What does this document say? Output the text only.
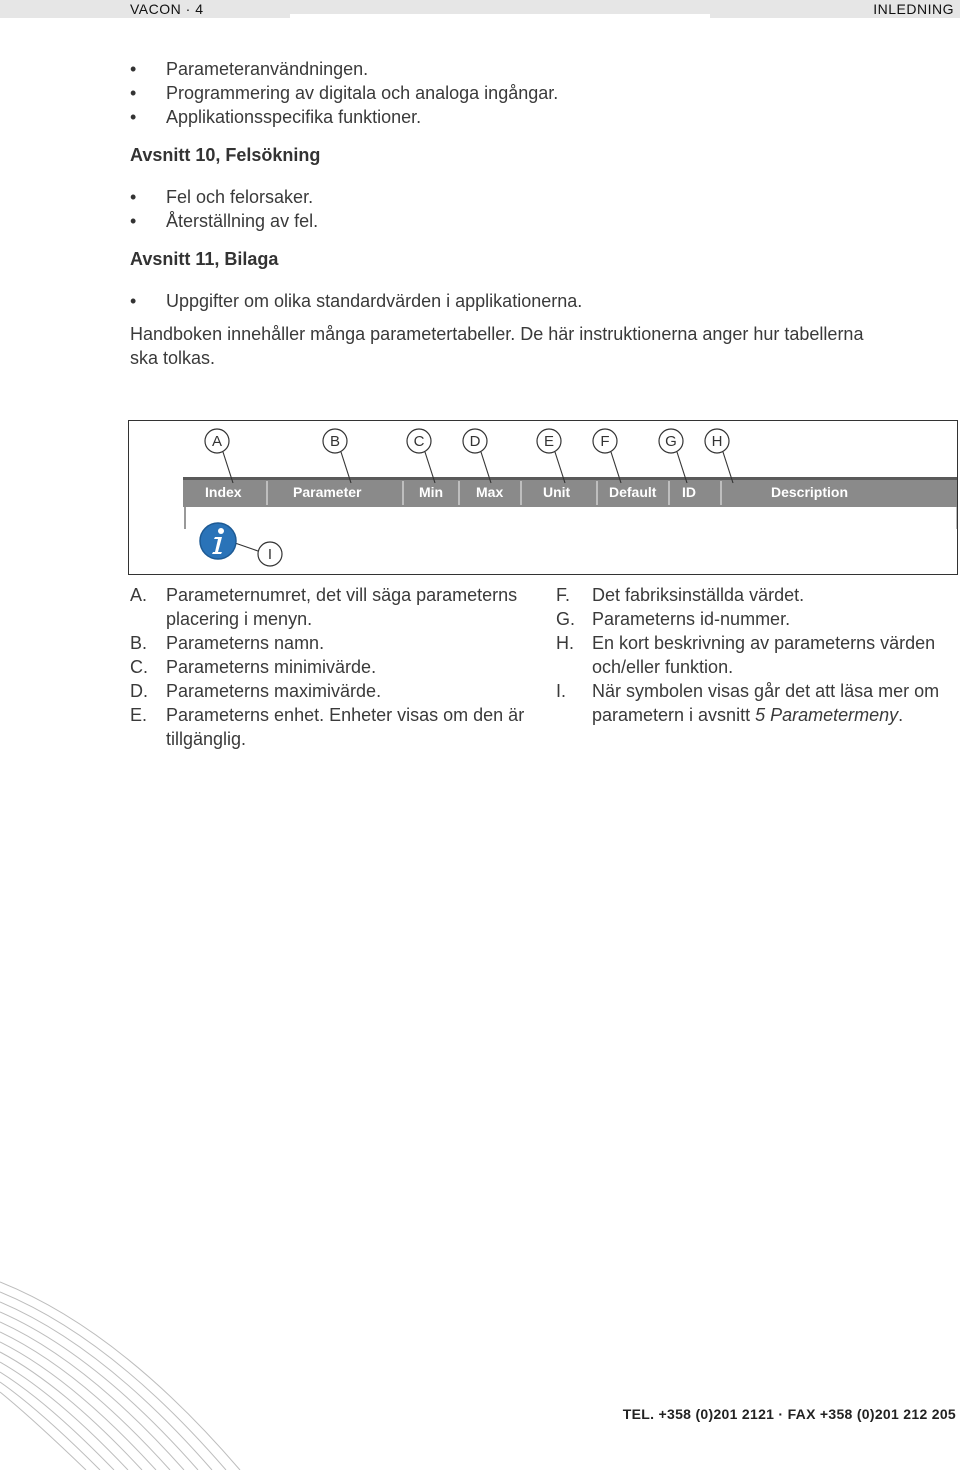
VACON · 4	INLEDNING
• Parameteranvändningen.
• Programmering av digitala och analoga ingångar.
• Applikationsspecifika funktioner.
Avsnitt 10, Felsökning
• Fel och felorsaker.
• Återställning av fel.
Avsnitt 11, Bilaga
• Uppgifter om olika standardvärden i applikationerna.

Handboken innehåller många parametertabeller. De här instruktionerna anger hur tabellerna ska tolkas.

Index	Parameter	Min Max	Unit	Default ID	Description
A	B	C	D	E	F	G H
I
A. Parameternumret, det vill säga parameterns placering i menyn.
B. Parameterns namn.
C. Parameterns minimivärde.
D. Parameterns maximivärde.
E. Parameterns enhet. Enheter visas om den är tillgänglig.
F. Det fabriksinställda värdet.
G. Parameterns id-nummer.
H. En kort beskrivning av parameterns värden och/eller funktion.
I. När symbolen visas går det att läsa mer om parametern i avsnitt 5 Parametermeny.
TEL. +358 (0)201 2121 · FAX +358 (0)201 212 205
